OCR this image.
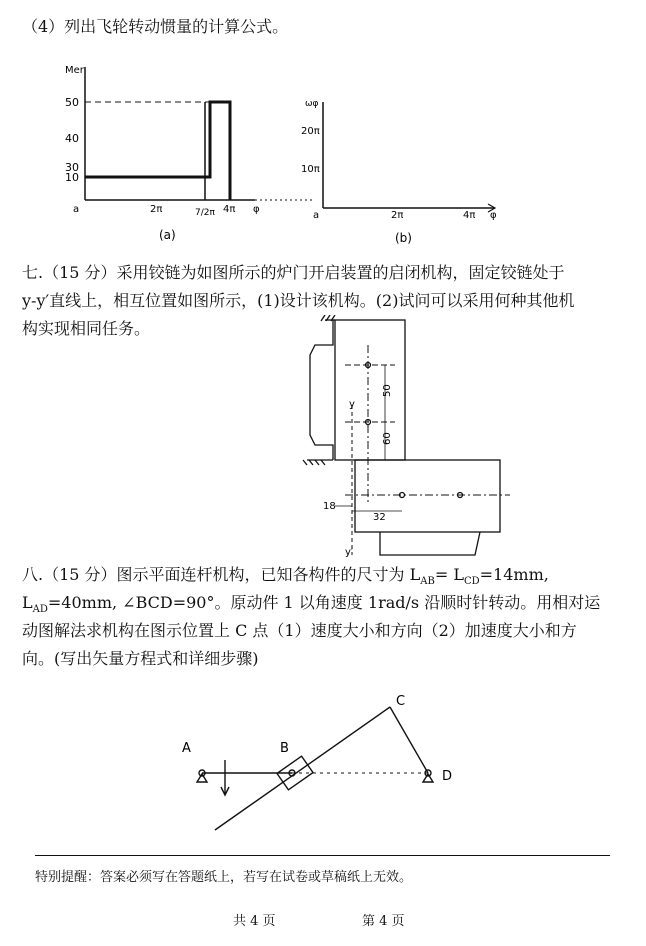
（4）列出飞轮转动惯量的计算公式。
Mer
50
40
30
10
a	2π	7/2π 4π φ
(a)
ωφ
20π
10π
a	2π	4π φ
(b)
七.（15 分）采用铰链为如图所示的炉门开启装置的启闭机构，固定铰链处于
y-y′直线上，相互位置如图所示，(1)设计该机构。(2)试问可以采用何种其他机
构实现相同任务。
50
60
18
32
y
y′
八.（15 分）图示平面连杆机构，已知各构件的尺寸为 $L_{AB}= L_{CD}=14mm$,
$L_{AD}=40mm$, ∠BCD=90°。原动件 1 以角速度 1rad/s 沿顺时针转动。用相对运
动图解法求机构在图示位置上 C 点（1）速度大小和方向（2）加速度大小和方
向。(写出矢量方程式和详细步骤)
A	B
C
D
特别提醒：答案必须写在答题纸上，若写在试卷或草稿纸上无效。
共 4 页	第 4 页
